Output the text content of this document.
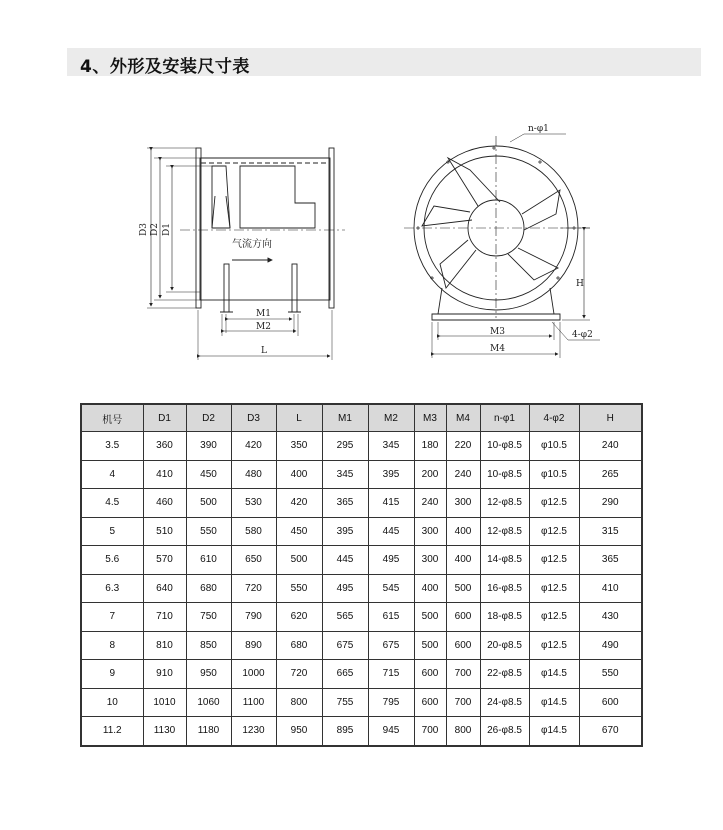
4、外形及安装尺寸表
D3 D2 D1
气流方向
M1
M2
L
n-φ1
H
M3
M4
4-φ2
机号	D1	D2	D3	L	M1	M2	M3	M4	n-φ1	4-φ2	H
3.5	360	390	420	350	295	345	180	220	10-φ8.5	φ10.5	240
4	410	450	480	400	345	395	200	240	10-φ8.5	φ10.5	265
4.5	460	500	530	420	365	415	240	300	12-φ8.5	φ12.5	290
5	510	550	580	450	395	445	300	400	12-φ8.5	φ12.5	315
5.6	570	610	650	500	445	495	300	400	14-φ8.5	φ12.5	365
6.3	640	680	720	550	495	545	400	500	16-φ8.5	φ12.5	410
7	710	750	790	620	565	615	500	600	18-φ8.5	φ12.5	430
8	810	850	890	680	675	675	500	600	20-φ8.5	φ12.5	490
9	910	950	1000	720	665	715	600	700	22-φ8.5	φ14.5	550
10	1010	1060	1100	800	755	795	600	700	24-φ8.5	φ14.5	600
11.2	1130	1180	1230	950	895	945	700	800	26-φ8.5	φ14.5	670
